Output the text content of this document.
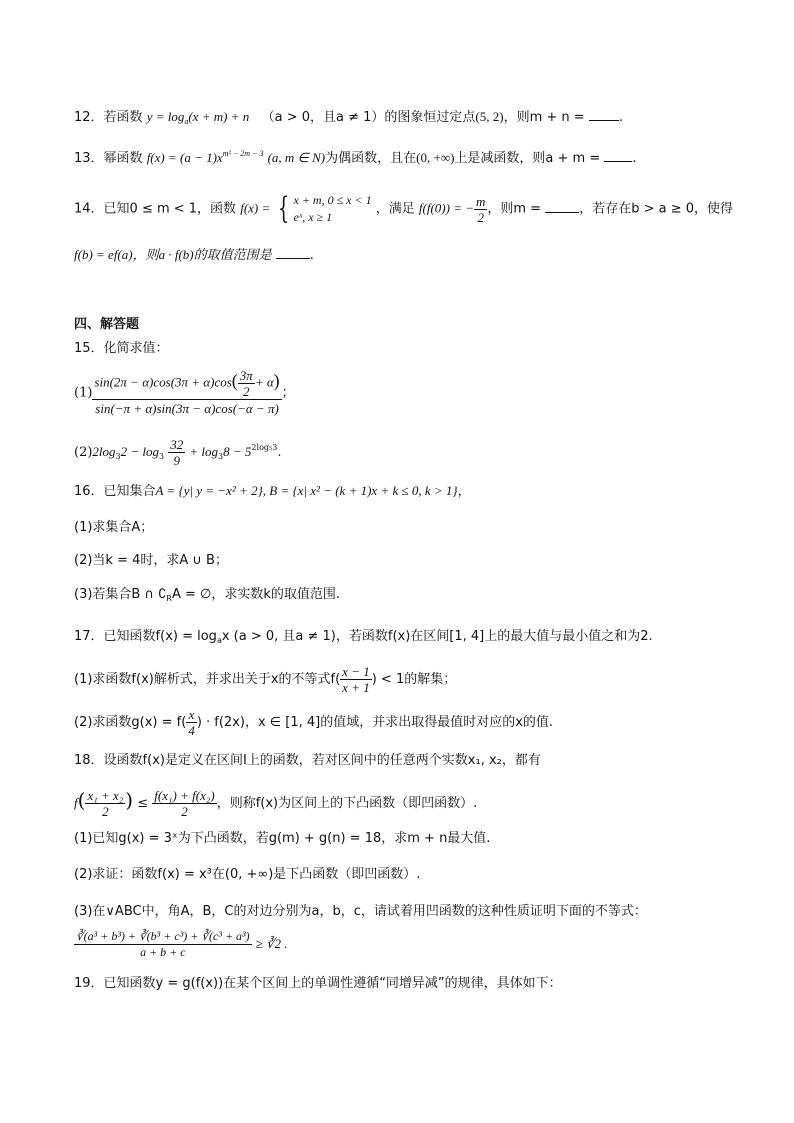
12．若函数 $y = \log_a(x + m) + n$ （a > 0，且a ≠ 1）的图象恒过定点(5, 2)，则m + n =	.
13．幂函数 $f(x) = (a - 1)x^{m^2 - 2m - 3}$ (a, m ∈ N)为偶函数，且在(0, +∞)上是减函数，则a + m = .
14．已知0 ≤ m < 1，函数 f(x) = { x + m, 0 ≤ x < 1
eˣ, x ≥ 1
，满足 f(f(0)) = − $\frac{m}{2}$ ，则m =	，若存在b > a ≥ 0，使得
f(b) = ef(a)，则a · f(b)的取值范围是	.
四、解答题
15．化简求值：
$(1) \frac{\sin(2\pi - \alpha)\cos(3\pi + \alpha)\cos( \frac{3\pi}{2} + \alpha)}{\sin(-\pi + \alpha)\sin(3\pi - \alpha)\cos(-\alpha - \pi)}$ ；
$(2)2\log_32 - \log_3 \frac{32}{9} + \log_38 - 5^{2log_53}$.
16．已知集合A = {y| y = −x² + 2}, B = {x| x² − (k + 1)x + k ≤ 0, k > 1}，
(1)求集合A；
(2)当k = 4时，求A ∪ B；
(3)若集合B ∩ $∁_RA$ = ∅，求实数k的取值范围.
17．已知函数$f(x) = \log_ax$ (a > 0, 且a ≠ 1)，若函数f(x)在区间[1, 4]上的最大值与最小值之和为2.
(1)求函数f(x)解析式，并求出关于x的不等式$f( \frac{x - 1}{x + 1}$ ) < 1的解集；
(2)求函数$g(x) = f( \frac{x}{4}$ ) · f(2x)，x ∈ [1, 4]的值域，并求出取得最值时对应的x的值.
18．设函数f(x)是定义在区间I上的函数，若对区间中的任意两个实数x₁, x₂，都有
$f( \frac{\text{x₁ + x₂}}{2}$ ) ≤ $\frac{\text{f(x₁) + f(x₂)}}{2}$ ，则称f(x)为区间上的下凸函数（即凹函数）.
(1)已知g(x) = 3ˣ为下凸函数，若g(m) + g(n) = 18，求m + n最大值.
(2)求证：函数f(x) = x³在(0, +∞)是下凸函数（即凹函数）.
(3)在∨ABC中，角A，B，C的对边分别为a，b，c，请试着用凹函数的这种性质证明下面的不等式：
$\frac{\text{∛(a³ + b³) + ∛(b³ + c³) + ∛(c³ + a³)}}{a + b + c}$ ≥ ∛2 .
19．已知函数y = g(f(x))在某个区间上的单调性遵循“同增异减”的规律，具体如下：
